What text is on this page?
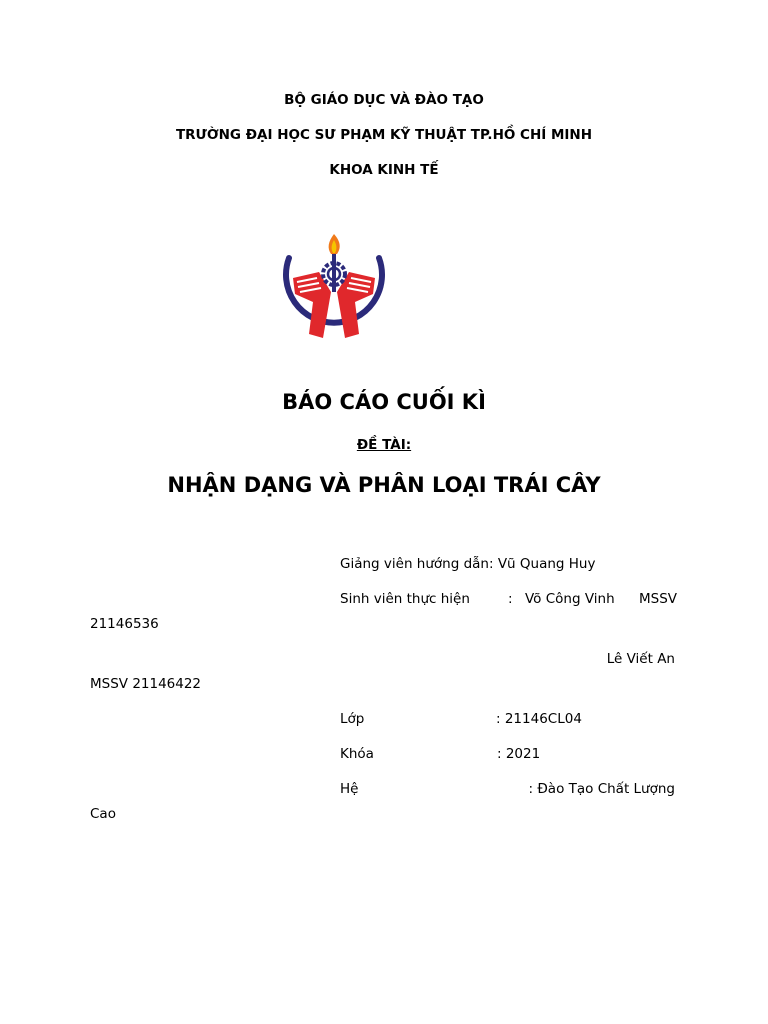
BỘ GIÁO DỤC VÀ ĐÀO TẠO
TRƯỜNG ĐẠI HỌC SƯ PHẠM KỸ THUẬT TP.HỒ CHÍ MINH
KHOA KINH TẾ
BÁO CÁO CUỐI KÌ
ĐỀ TÀI:
NHẬN DẠNG VÀ PHÂN LOẠI TRÁI CÂY
Giảng viên hướng dẫn: Vũ Quang Huy
Sinh viên thực hiện	: Võ Công Vinh MSSV
21146536
Lê Viết An
MSSV 21146422
Lớp	: 21146CL04
Khóa	: 2021
Hệ	: Đào Tạo Chất Lượng
Cao
